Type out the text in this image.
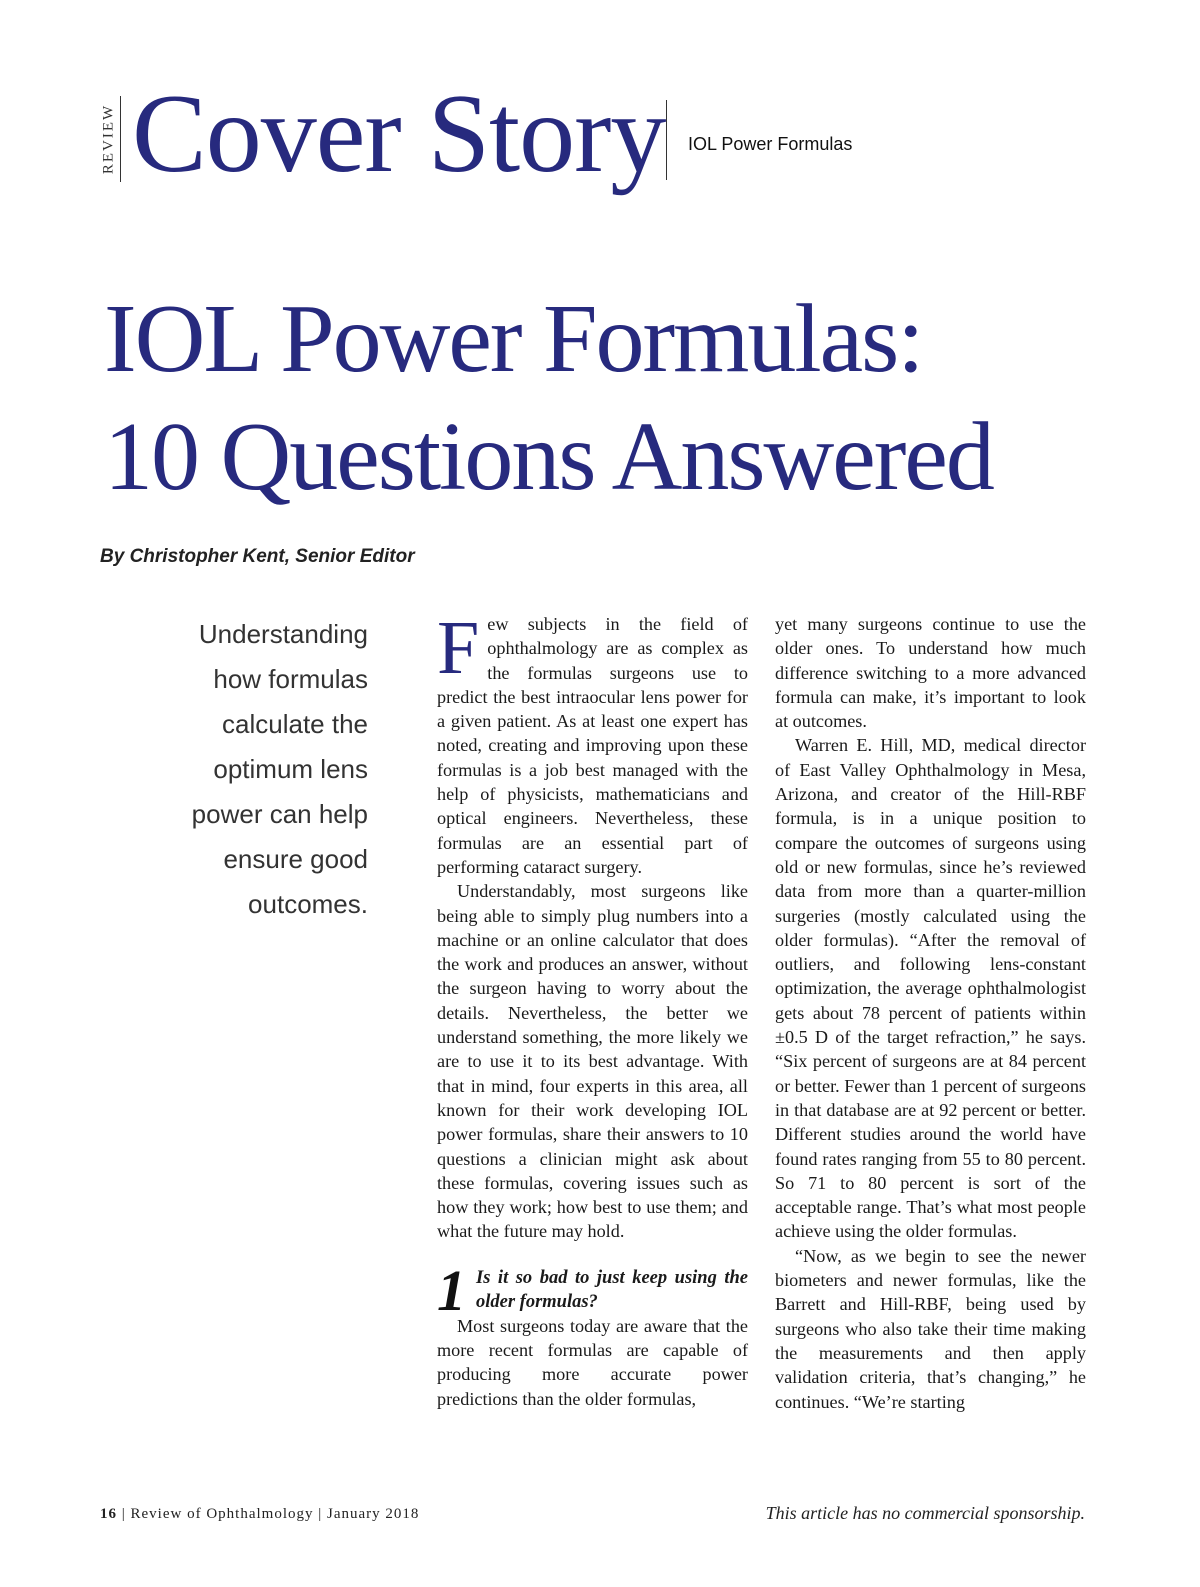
REVIEW Cover Story IOL Power Formulas
IOL Power Formulas:
10 Questions Answered
By Christopher Kent, Senior Editor
Understanding
how formulas
calculate the
optimum lens
power can help
ensure good
outcomes.

Few subjects in the field of ophthalmology are as complex as the formulas surgeons use to predict the best intraocular lens power for a given patient. As at least one expert has noted, creating and improving upon these formulas is a job best managed with the help of physicists, mathematicians and optical engineers. Nevertheless, these formulas are an essential part of performing cataract surgery.

Understandably, most surgeons like being able to simply plug numbers into a machine or an online calculator that does the work and produces an answer, without the surgeon having to worry about the details. Nevertheless, the better we understand something, the more likely we are to use it to its best advantage. With that in mind, four experts in this area, all known for their work developing IOL power formulas, share their answers to 10 questions a clinician might ask about these formulas, covering issues such as how they work; how best to use them; and what the future may hold.

1 Is it so bad to just keep using the older formulas?

Most surgeons today are aware that the more recent formulas are capable of producing more accurate power predictions than the older formulas,

yet many surgeons continue to use the older ones. To understand how much difference switching to a more advanced formula can make, it’s important to look at outcomes.

Warren E. Hill, MD, medical director of East Valley Ophthalmology in Mesa, Arizona, and creator of the Hill-RBF formula, is in a unique position to compare the outcomes of surgeons using old or new formulas, since he’s reviewed data from more than a quarter-million surgeries (mostly calculated using the older formulas). “After the removal of outliers, and following lens-constant optimization, the average ophthalmologist gets about 78 percent of patients within ±0.5 D of the target refraction,” he says. “Six percent of surgeons are at 84 percent or better. Fewer than 1 percent of surgeons in that database are at 92 percent or better. Different studies around the world have found rates ranging from 55 to 80 percent. So 71 to 80 percent is sort of the acceptable range. That’s what most people achieve using the older formulas.

“Now, as we begin to see the newer biometers and newer formulas, like the Barrett and Hill-RBF, being used by surgeons who also take their time making the measurements and then apply validation criteria, that’s changing,” he continues. “We’re starting

16 | Review of Ophthalmology | January 2018	This article has no commercial sponsorship.
